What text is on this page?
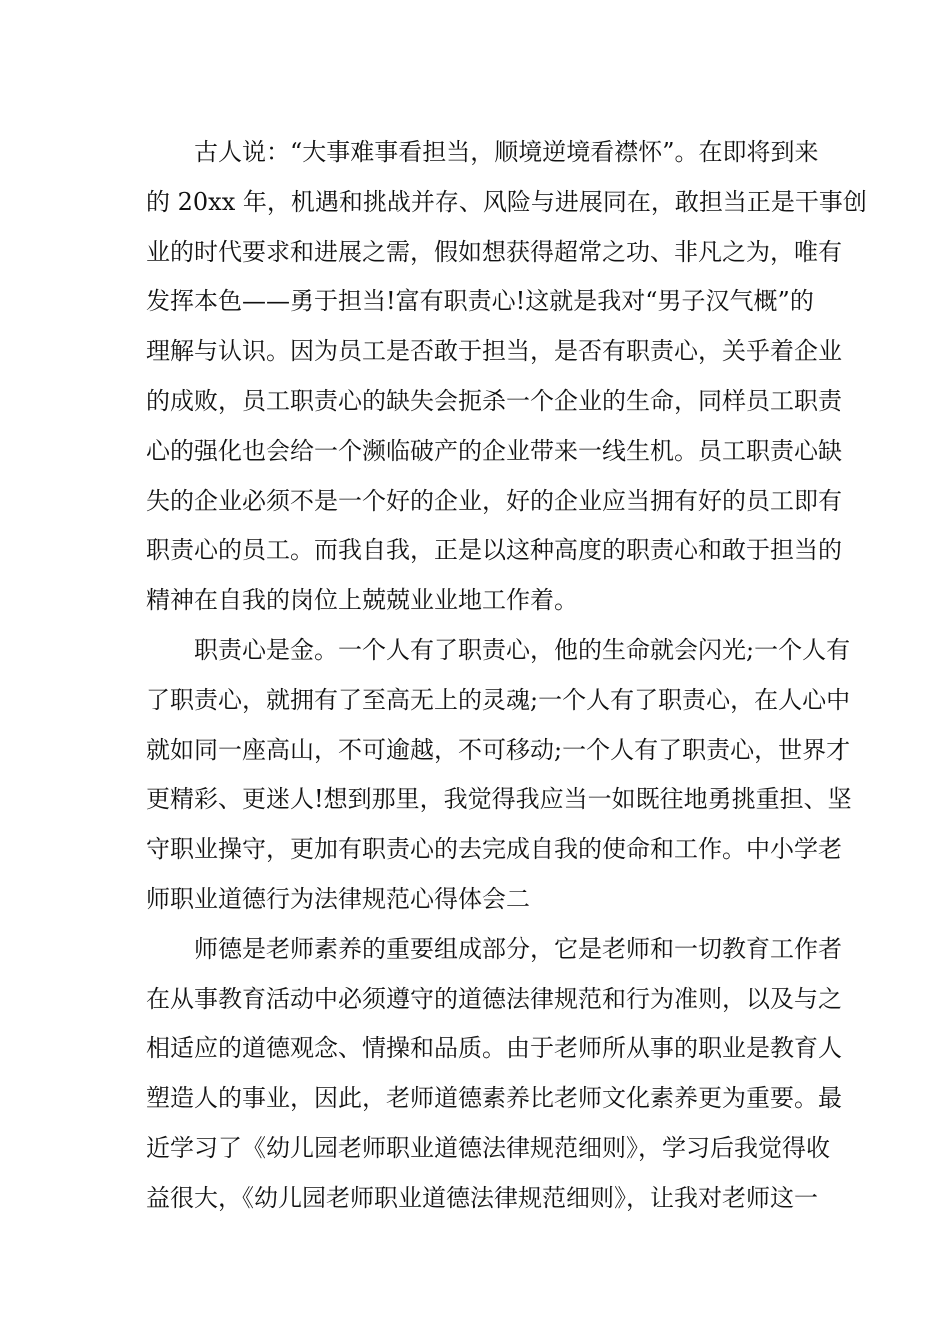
古人说：“大事难事看担当，顺境逆境看襟怀”。在即将到来
的 20xx 年，机遇和挑战并存、风险与进展同在，敢担当正是干事创
业的时代要求和进展之需，假如想获得超常之功、非凡之为，唯有
发挥本色——勇于担当!富有职责心!这就是我对“男子汉气概”的
理解与认识。因为员工是否敢于担当，是否有职责心，关乎着企业
的成败，员工职责心的缺失会扼杀一个企业的生命，同样员工职责
心的强化也会给一个濒临破产的企业带来一线生机。员工职责心缺
失的企业必须不是一个好的企业，好的企业应当拥有好的员工即有
职责心的员工。而我自我，正是以这种高度的职责心和敢于担当的
精神在自我的岗位上兢兢业业地工作着。
职责心是金。一个人有了职责心，他的生命就会闪光;一个人有
了职责心，就拥有了至高无上的灵魂;一个人有了职责心，在人心中
就如同一座高山，不可逾越，不可移动;一个人有了职责心，世界才
更精彩、更迷人!想到那里，我觉得我应当一如既往地勇挑重担、坚
守职业操守，更加有职责心的去完成自我的使命和工作。中小学老
师职业道德行为法律规范心得体会二
师德是老师素养的重要组成部分，它是老师和一切教育工作者
在从事教育活动中必须遵守的道德法律规范和行为准则，以及与之
相适应的道德观念、情操和品质。由于老师所从事的职业是教育人
塑造人的事业，因此，老师道德素养比老师文化素养更为重要。最
近学习了《幼儿园老师职业道德法律规范细则》，学习后我觉得收
益很大，《幼儿园老师职业道德法律规范细则》，让我对老师这一
